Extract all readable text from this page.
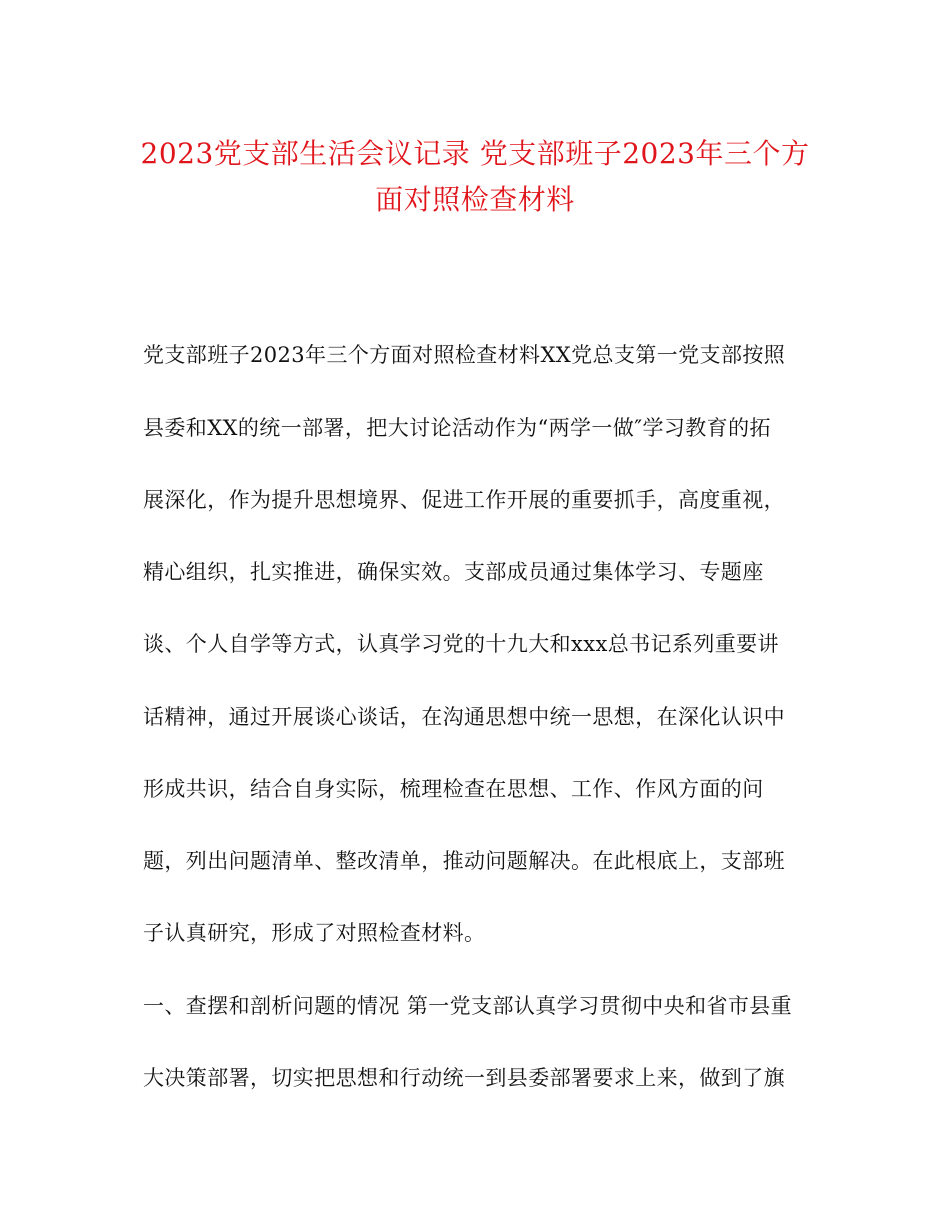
2023党支部生活会议记录 党支部班子2023年三个方
面对照检查材料
党支部班子2023年三个方面对照检查材料XX党总支第一党支部按照
县委和XX的统一部署，把大讨论活动作为“两学一做″学习教育的拓
展深化，作为提升思想境界、促进工作开展的重要抓手，高度重视，
精心组织，扎实推进，确保实效。支部成员通过集体学习、专题座
谈、个人自学等方式，认真学习党的十九大和xxx总书记系列重要讲
话精神，通过开展谈心谈话，在沟通思想中统一思想，在深化认识中
形成共识，结合自身实际，梳理检查在思想、工作、作风方面的问
题，列出问题清单、整改清单，推动问题解决。在此根底上，支部班
子认真研究，形成了对照检查材料。
一、查摆和剖析问题的情况 第一党支部认真学习贯彻中央和省市县重
大决策部署，切实把思想和行动统一到县委部署要求上来，做到了旗
